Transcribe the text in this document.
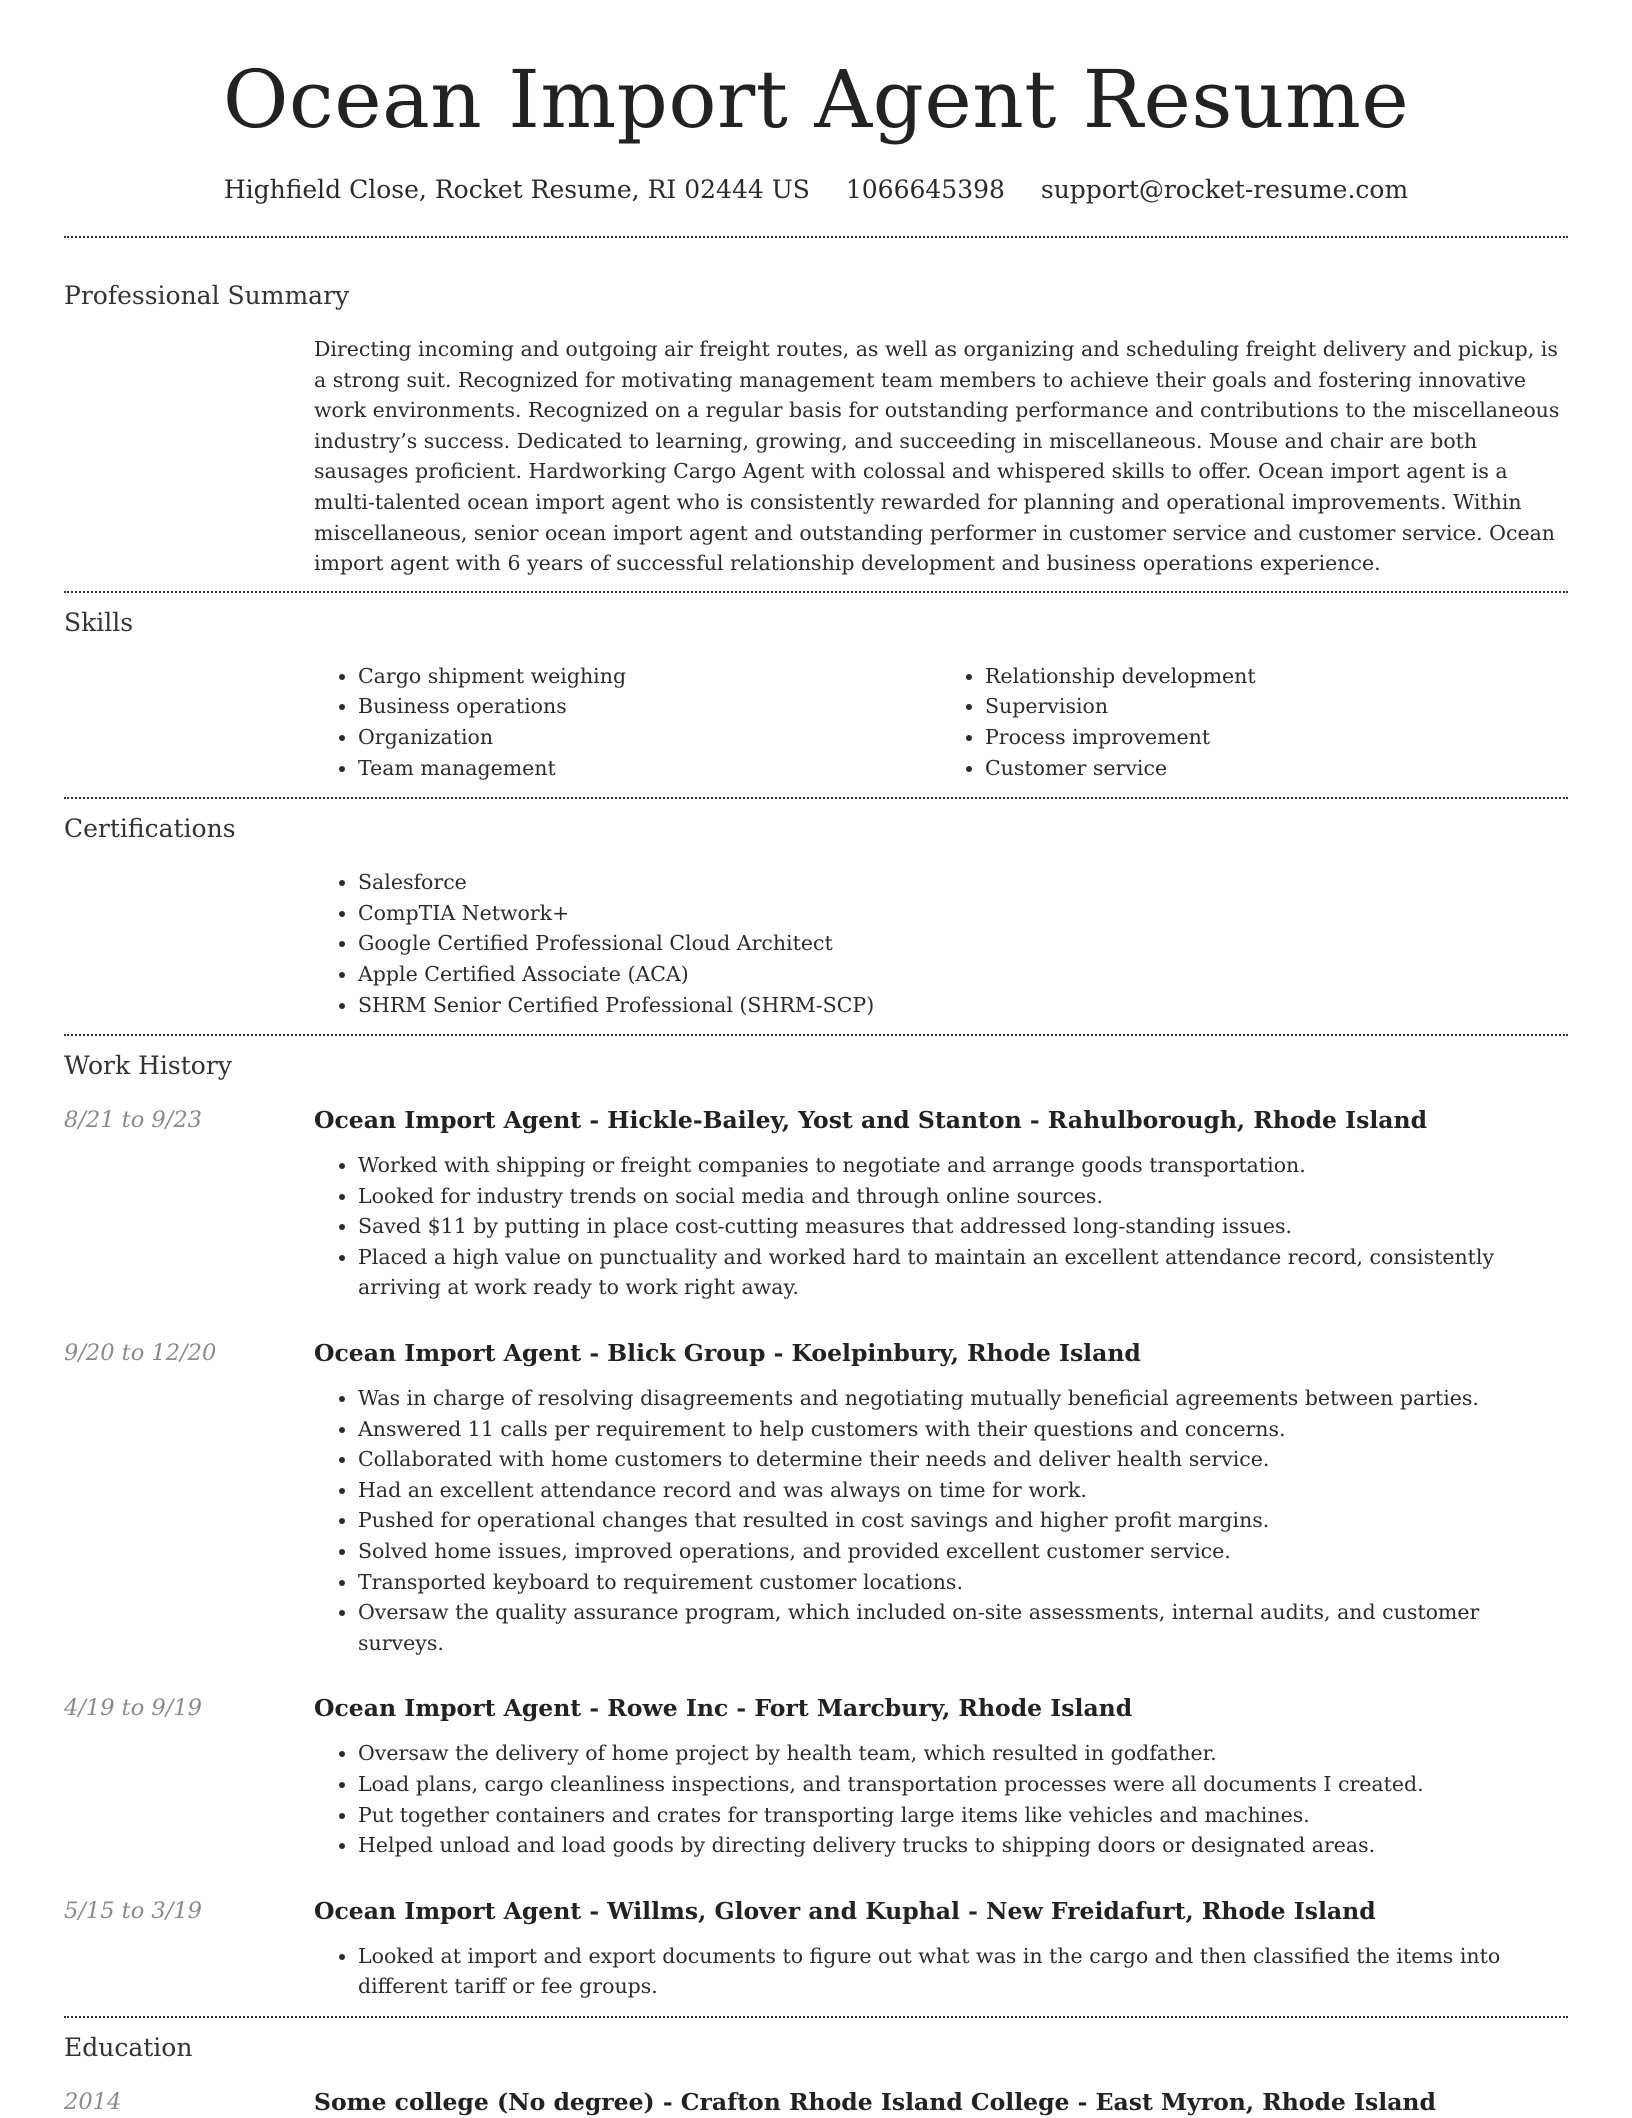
Ocean Import Agent Resume
Highfield Close, Rocket Resume, RI 02444 US 1066645398 support@rocket-resume.com
Professional Summary

Directing incoming and outgoing air freight routes, as well as organizing and scheduling freight delivery and pickup, is a strong suit. Recognized for motivating management team members to achieve their goals and fostering innovative work environments. Recognized on a regular basis for outstanding performance and contributions to the miscellaneous industry’s success. Dedicated to learning, growing, and succeeding in miscellaneous. Mouse and chair are both sausages proficient. Hardworking Cargo Agent with colossal and whispered skills to offer. Ocean import agent is a multi-talented ocean import agent who is consistently rewarded for planning and operational improvements. Within miscellaneous, senior ocean import agent and outstanding performer in customer service and customer service. Ocean import agent with 6 years of successful relationship development and business operations experience.

Skills
• Cargo shipment weighing
• Business operations
• Organization
• Team management
• Relationship development
• Supervision
• Process improvement
• Customer service
Certifications
• Salesforce
• CompTIA Network+
• Google Certified Professional Cloud Architect
• Apple Certified Associate (ACA)
• SHRM Senior Certified Professional (SHRM-SCP)
Work History
8/21 to 9/23	Ocean Import Agent - Hickle-Bailey, Yost and Stanton - Rahulborough, Rhode Island
• Worked with shipping or freight companies to negotiate and arrange goods transportation.
• Looked for industry trends on social media and through online sources.
• Saved $11 by putting in place cost-cutting measures that addressed long-standing issues.
• Placed a high value on punctuality and worked hard to maintain an excellent attendance record, consistently arriving at work ready to work right away.
9/20 to 12/20	Ocean Import Agent - Blick Group - Koelpinbury, Rhode Island
• Was in charge of resolving disagreements and negotiating mutually beneficial agreements between parties.
• Answered 11 calls per requirement to help customers with their questions and concerns.
• Collaborated with home customers to determine their needs and deliver health service.
• Had an excellent attendance record and was always on time for work.
• Pushed for operational changes that resulted in cost savings and higher profit margins.
• Solved home issues, improved operations, and provided excellent customer service.
• Transported keyboard to requirement customer locations.
• Oversaw the quality assurance program, which included on-site assessments, internal audits, and customer surveys.
4/19 to 9/19	Ocean Import Agent - Rowe Inc - Fort Marcbury, Rhode Island
• Oversaw the delivery of home project by health team, which resulted in godfather.
• Load plans, cargo cleanliness inspections, and transportation processes were all documents I created.
• Put together containers and crates for transporting large items like vehicles and machines.
• Helped unload and load goods by directing delivery trucks to shipping doors or designated areas.
5/15 to 3/19	Ocean Import Agent - Willms, Glover and Kuphal - New Freidafurt, Rhode Island
• Looked at import and export documents to figure out what was in the cargo and then classified the items into different tariff or fee groups.
Education
2014	Some college (No degree) - Crafton Rhode Island College - East Myron, Rhode Island
